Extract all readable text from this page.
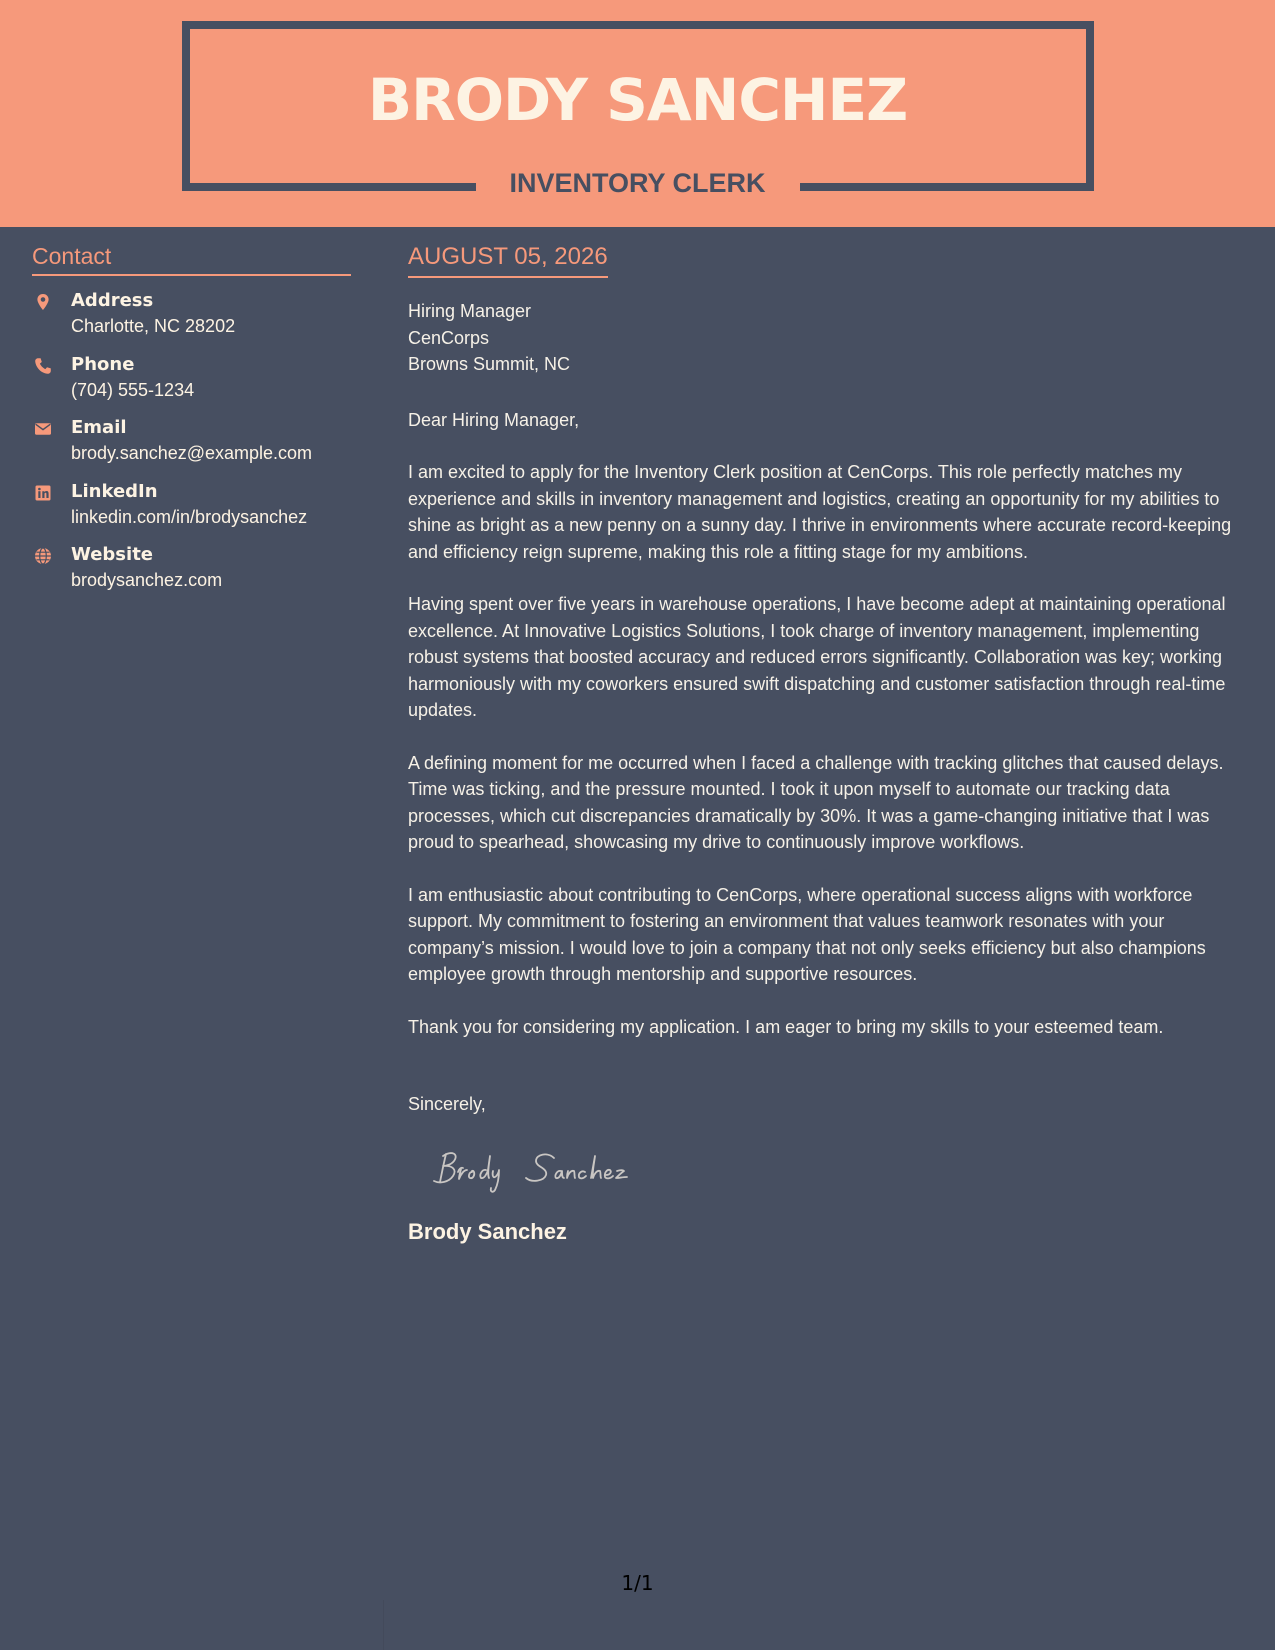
BRODY SANCHEZ
INVENTORY CLERK
Contact
Address
Charlotte, NC 28202
Phone
(704) 555-1234
Email
brody.sanchez@example.com
LinkedIn
linkedin.com/in/brodysanchez
Website
brodysanchez.com
AUGUST 05, 2026
Hiring Manager
CenCorps
Browns Summit, NC
Dear Hiring Manager,
I am excited to apply for the Inventory Clerk position at CenCorps. This role perfectly matches my experience and skills in inventory management and logistics, creating an opportunity for my abilities to shine as bright as a new penny on a sunny day. I thrive in environments where accurate record-keeping and efficiency reign supreme, making this role a fitting stage for my ambitions.
Having spent over five years in warehouse operations, I have become adept at maintaining operational excellence. At Innovative Logistics Solutions, I took charge of inventory management, implementing robust systems that boosted accuracy and reduced errors significantly. Collaboration was key; working harmoniously with my coworkers ensured swift dispatching and customer satisfaction through real-time updates.
A defining moment for me occurred when I faced a challenge with tracking glitches that caused delays. Time was ticking, and the pressure mounted. I took it upon myself to automate our tracking data processes, which cut discrepancies dramatically by 30%. It was a game-changing initiative that I was proud to spearhead, showcasing my drive to continuously improve workflows.
I am enthusiastic about contributing to CenCorps, where operational success aligns with workforce support. My commitment to fostering an environment that values teamwork resonates with your company’s mission. I would love to join a company that not only seeks efficiency but also champions employee growth through mentorship and supportive resources.
Thank you for considering my application. I am eager to bring my skills to your esteemed team.
Sincerely,
Brody Sanchez
1/1
